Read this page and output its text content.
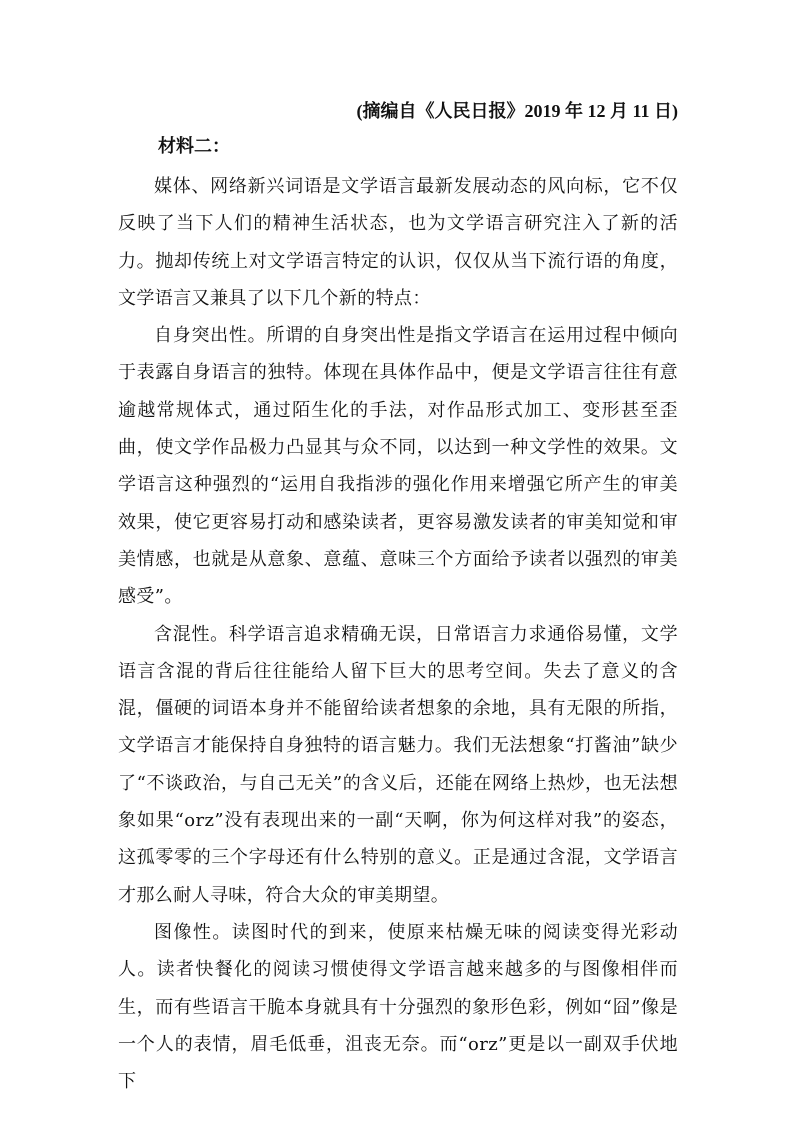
(摘编自《人民日报》2019 年 12 月 11 日)
材料二：

媒体、网络新兴词语是文学语言最新发展动态的风向标，它不仅反映了当下人们的精神生活状态，也为文学语言研究注入了新的活力。抛却传统上对文学语言特定的认识，仅仅从当下流行语的角度，文学语言又兼具了以下几个新的特点：

自身突出性。所谓的自身突出性是指文学语言在运用过程中倾向于表露自身语言的独特。体现在具体作品中，便是文学语言往往有意逾越常规体式，通过陌生化的手法，对作品形式加工、变形甚至歪曲，使文学作品极力凸显其与众不同，以达到一种文学性的效果。文学语言这种强烈的“运用自我指涉的强化作用来增强它所产生的审美效果，使它更容易打动和感染读者，更容易激发读者的审美知觉和审美情感，也就是从意象、意蕴、意味三个方面给予读者以强烈的审美感受”。

含混性。科学语言追求精确无误，日常语言力求通俗易懂，文学语言含混的背后往往能给人留下巨大的思考空间。失去了意义的含混，僵硬的词语本身并不能留给读者想象的余地，具有无限的所指，文学语言才能保持自身独特的语言魅力。我们无法想象“打酱油”缺少了“不谈政治，与自己无关”的含义后，还能在网络上热炒，也无法想象如果“orz”没有表现出来的一副“天啊，你为何这样对我”的姿态，这孤零零的三个字母还有什么特别的意义。正是通过含混，文学语言才那么耐人寻味，符合大众的审美期望。

图像性。读图时代的到来，使原来枯燥无味的阅读变得光彩动人。读者快餐化的阅读习惯使得文学语言越来越多的与图像相伴而生，而有些语言干脆本身就具有十分强烈的象形色彩，例如“囧”像是一个人的表情，眉毛低垂，沮丧无奈。而“orz”更是以一副双手伏地下
